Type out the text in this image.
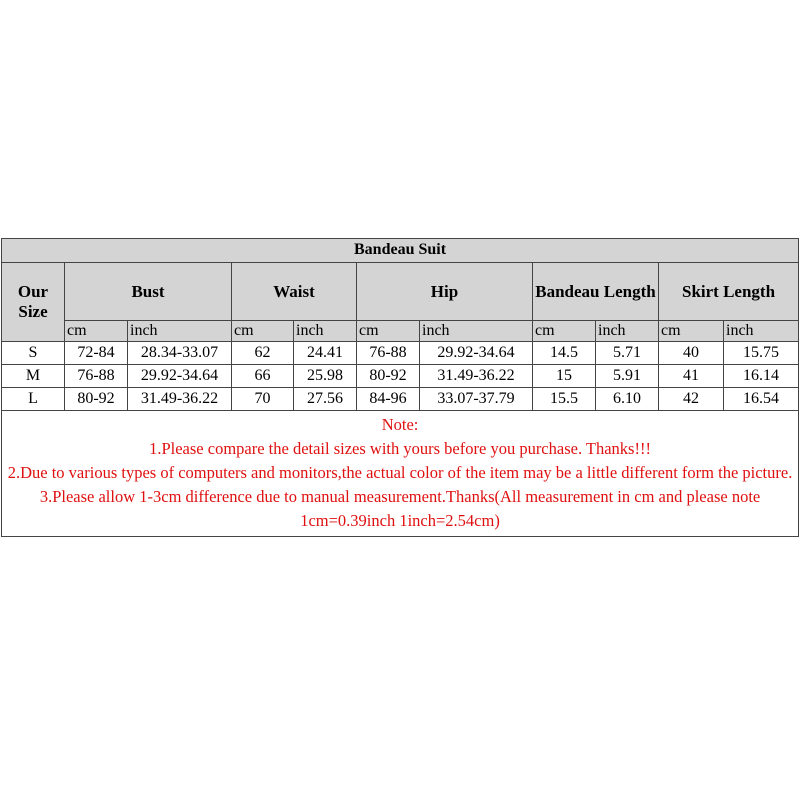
Bandeau Suit										
Our Size	Bust		Waist		Hip		Bandeau Length		Skirt Length	
	cm	inch	cm	inch	cm	inch	cm	inch	cm	inch
S	72-84	28.34-33.07	62	24.41	76-88	29.92-34.64	14.5	5.71	40	15.75
M	76-88	29.92-34.64	66	25.98	80-92	31.49-36.22	15	5.91	41	16.14
L	80-92	31.49-36.22	70	27.56	84-96	33.07-37.79	15.5	6.10	42	16.54

Note:
1.Please compare the detail sizes with yours before you purchase. Thanks!!!
2.Due to various types of computers and monitors,the actual color of the item may be a little different form the picture.
3.Please allow 1-3cm difference due to manual measurement.Thanks(All measurement in cm and please note 1cm=0.39inch 1inch=2.54cm)										
